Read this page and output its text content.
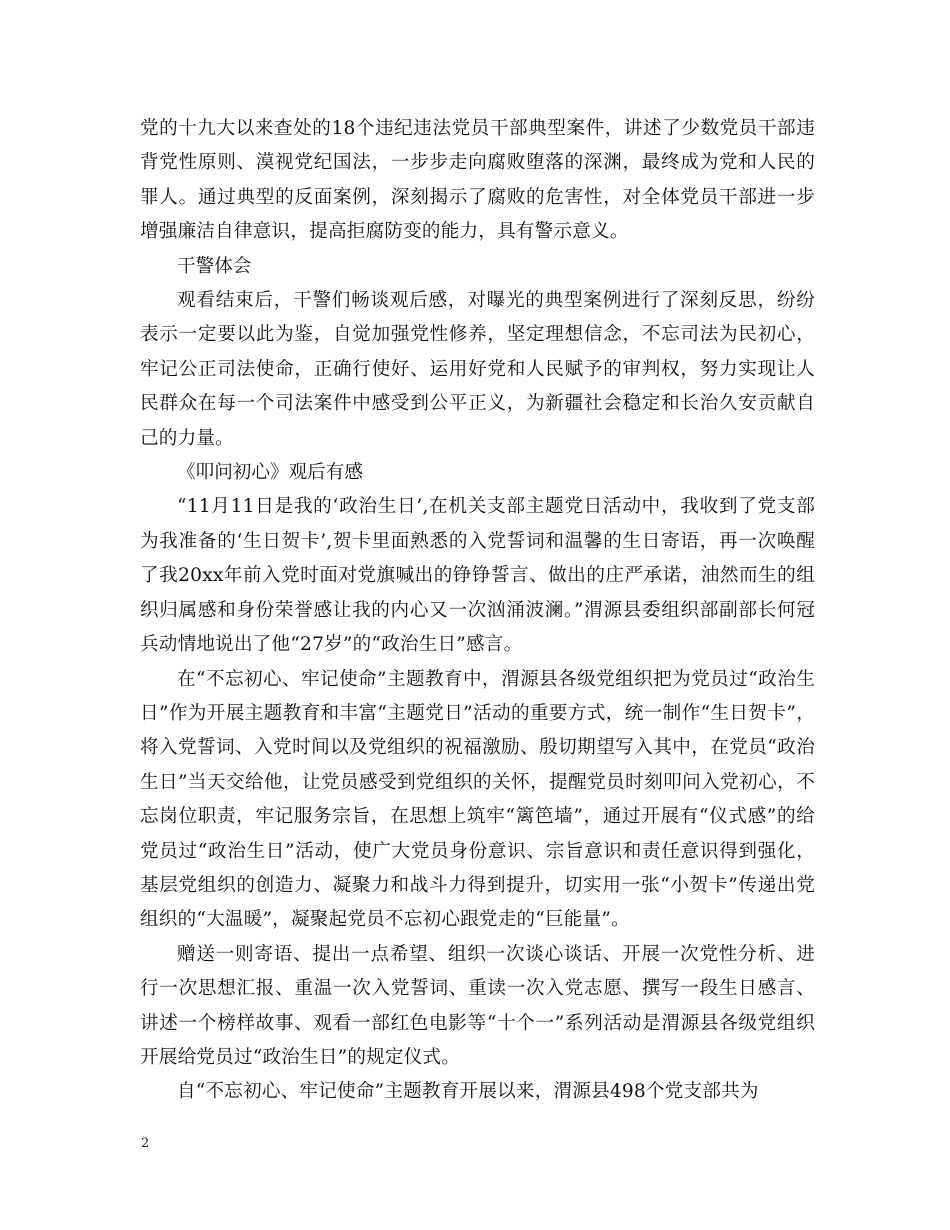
党的十九大以来查处的18个违纪违法党员干部典型案件，讲述了少数党员干部违背党性原则、漠视党纪国法，一步步走向腐败堕落的深渊，最终成为党和人民的罪人。通过典型的反面案例，深刻揭示了腐败的危害性，对全体党员干部进一步增强廉洁自律意识，提高拒腐防变的能力，具有警示意义。

干警体会

观看结束后，干警们畅谈观后感，对曝光的典型案例进行了深刻反思，纷纷表示一定要以此为鉴，自觉加强党性修养，坚定理想信念，不忘司法为民初心，牢记公正司法使命，正确行使好、运用好党和人民赋予的审判权，努力实现让人民群众在每一个司法案件中感受到公平正义，为新疆社会稳定和长治久安贡献自己的力量。

《叩问初心》观后有感

“11月11日是我的‘政治生日’,在机关支部主题党日活动中，我收到了党支部为我准备的‘生日贺卡’,贺卡里面熟悉的入党誓词和温馨的生日寄语，再一次唤醒了我20xx年前入党时面对党旗喊出的铮铮誓言、做出的庄严承诺，油然而生的组织归属感和身份荣誉感让我的内心又一次汹涌波澜。”渭源县委组织部副部长何冠兵动情地说出了他“27岁”的“政治生日”感言。

在“不忘初心、牢记使命”主题教育中，渭源县各级党组织把为党员过“政治生日”作为开展主题教育和丰富“主题党日”活动的重要方式，统一制作“生日贺卡”，将入党誓词、入党时间以及党组织的祝福激励、殷切期望写入其中，在党员“政治生日”当天交给他，让党员感受到党组织的关怀，提醒党员时刻叩问入党初心，不忘岗位职责，牢记服务宗旨，在思想上筑牢“篱笆墙”，通过开展有“仪式感”的给党员过“政治生日”活动，使广大党员身份意识、宗旨意识和责任意识得到强化，基层党组织的创造力、凝聚力和战斗力得到提升，切实用一张“小贺卡”传递出党组织的“大温暖”，凝聚起党员不忘初心跟党走的“巨能量”。

赠送一则寄语、提出一点希望、组织一次谈心谈话、开展一次党性分析、进行一次思想汇报、重温一次入党誓词、重读一次入党志愿、撰写一段生日感言、讲述一个榜样故事、观看一部红色电影等“十个一”系列活动是渭源县各级党组织开展给党员过“政治生日”的规定仪式。

自“不忘初心、牢记使命”主题教育开展以来，渭源县498个党支部共为

2
